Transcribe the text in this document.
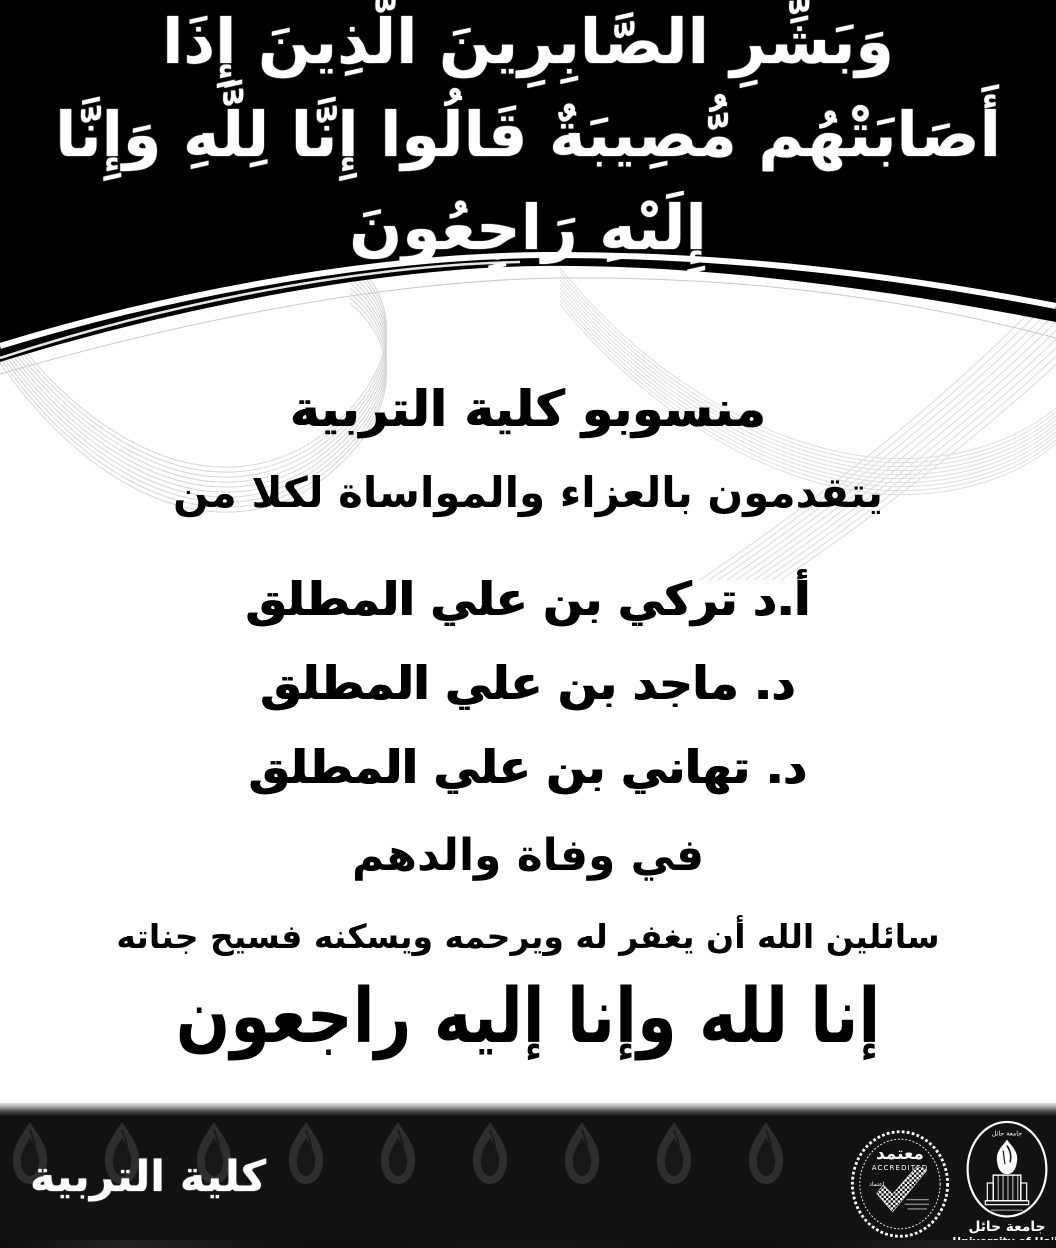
وَبَشِّرِ الصَّابِرِينَ الَّذِينَ إِذَا أَصَابَتْهُم مُّصِيبَةٌ قَالُوا إِنَّا لِلَّهِ وَإِنَّا إِلَيْهِ رَاجِعُونَ
منسوبو كلية التربية
يتقدمون بالعزاء والمواساة لكلا من
أ.د تركي بن علي المطلق
د. ماجد بن علي المطلق
د. تهاني بن علي المطلق
في وفاة والدهم
سائلين الله أن يغفر له ويرحمه ويسكنه فسيح جناته
إنا لله وإنا إليه راجعون
كلية التربية	معتمد
ACCREDITED
اعتماد
جامعة حائل
جامعة حائل
